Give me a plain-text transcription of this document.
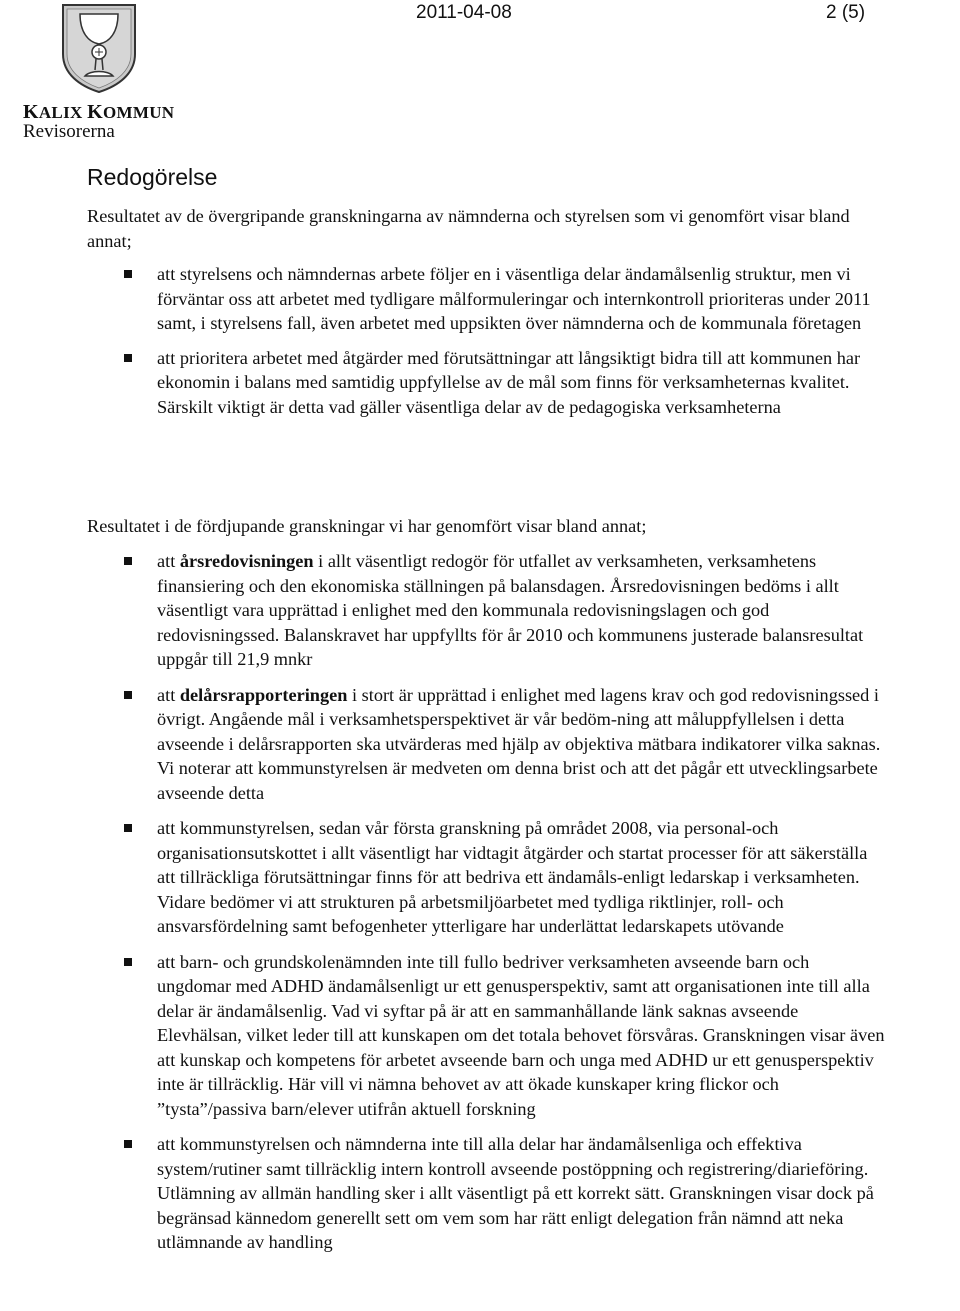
KALIX KOMMUN
Revisorerna
2011-04-08	2 (5)
Redogörelse

Resultatet av de övergripande granskningarna av nämnderna och styrelsen som vi genomfört visar bland annat;

att styrelsens och nämndernas arbete följer en i väsentliga delar ändamålsenlig struktur, men vi förväntar oss att arbetet med tydligare målformuleringar och internkontroll prioriteras under 2011 samt, i styrelsens fall, även arbetet med uppsikten över nämnderna och de kommunala företagen
att prioritera arbetet med åtgärder med förutsättningar att långsiktigt bidra till att kommunen har ekonomin i balans med samtidig uppfyllelse av de mål som finns för verksamheternas kvalitet. Särskilt viktigt är detta vad gäller väsentliga delar av de pedagogiska verksamheterna

Resultatet i de fördjupande granskningar vi har genomfört visar bland annat;

att årsredovisningen i allt väsentligt redogör för utfallet av verksamheten, verksamhetens finansiering och den ekonomiska ställningen på balansdagen. Årsredovisningen bedöms i allt väsentligt vara upprättad i enlighet med den kommunala redovisningslagen och god redovisningssed. Balanskravet har uppfyllts för år 2010 och kommunens justerade balansresultat uppgår till 21,9 mnkr
att delårsrapporteringen i stort är upprättad i enlighet med lagens krav och god redovisningssed i övrigt. Angående mål i verksamhetsperspektivet är vår bedöm-ning att måluppfyllelsen i detta avseende i delårsrapporten ska utvärderas med hjälp av objektiva mätbara indikatorer vilka saknas. Vi noterar att kommunstyrelsen är medveten om denna brist och att det pågår ett utvecklingsarbete avseende detta
att kommunstyrelsen, sedan vår första granskning på området 2008, via personal-och organisationsutskottet i allt väsentligt har vidtagit åtgärder och startat processer för att säkerställa att tillräckliga förutsättningar finns för att bedriva ett ändamåls-enligt ledarskap i verksamheten. Vidare bedömer vi att strukturen på arbetsmiljöarbetet med tydliga riktlinjer, roll- och ansvarsfördelning samt befogenheter ytterligare har underlättat ledarskapets utövande
att barn- och grundskolenämnden inte till fullo bedriver verksamheten avseende barn och ungdomar med ADHD ändamålsenligt ur ett genusperspektiv, samt att organisationen inte till alla delar är ändamålsenlig. Vad vi syftar på är att en sammanhållande länk saknas avseende Elevhälsan, vilket leder till att kunskapen om det totala behovet försvåras. Granskningen visar även att kunskap och kompetens för arbetet avseende barn och unga med ADHD ur ett genusperspektiv inte är tillräcklig. Här vill vi nämna behovet av att ökade kunskaper kring flickor och ”tysta”/passiva barn/elever utifrån aktuell forskning
att kommunstyrelsen och nämnderna inte till alla delar har ändamålsenliga och effektiva system/rutiner samt tillräcklig intern kontroll avseende postöppning och registrering/diarieföring. Utlämning av allmän handling sker i allt väsentligt på ett korrekt sätt. Granskningen visar dock på begränsad kännedom generellt sett om vem som har rätt enligt delegation från nämnd att neka utlämnande av handling
